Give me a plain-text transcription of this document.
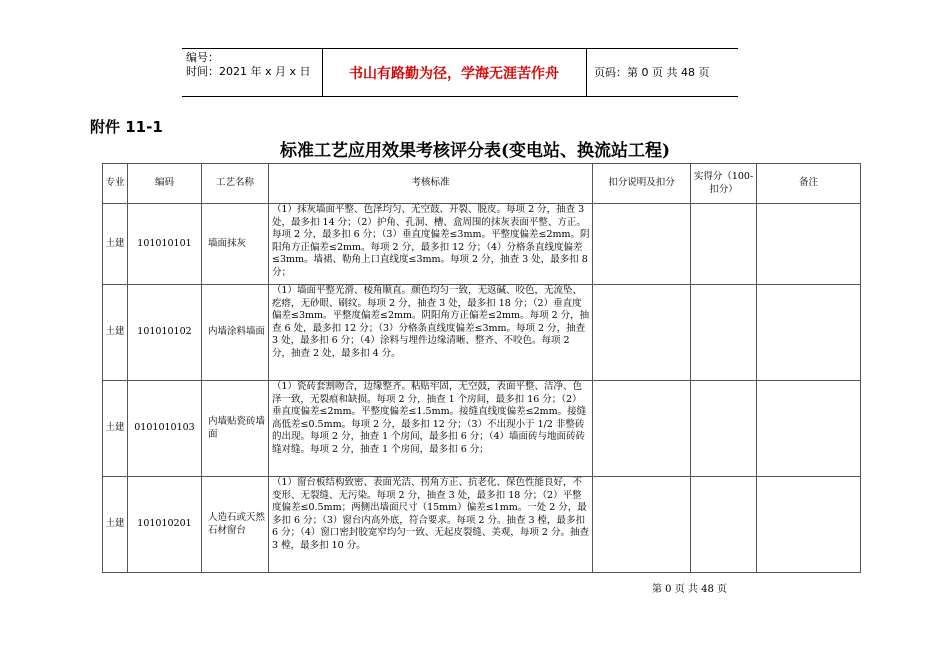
编号：
时间：2021 年 x 月 x 日	书山有路勤为径，学海无涯苦作舟	页码：第 0 页 共 48 页
附件 11-1
标准工艺应用效果考核评分表(变电站、换流站工程)
专业	编码	工艺名称	考核标准	扣分说明及扣分	实得分（100-扣分）	备注
土建	101010101	墙面抹灰	（1）抹灰墙面平整、色泽均匀、无空鼓、开裂、脱皮。每项 2 分，抽查 3 处，最多扣 14 分；（2）护角、孔洞、槽、盒周围的抹灰表面平整、方正。每项 2 分，最多扣 6 分；（3）垂直度偏差≤3mm。平整度偏差≤2mm。阴阳角方正偏差≤2mm。每项 2 分，最多扣 12 分；（4）分格条直线度偏差≤3mm。墙裙、勒角上口直线度≤3mm。每项 2 分，抽查 3 处，最多扣 8 分；			
土建	101010102	内墙涂料墙面	（1）墙面平整光滑、棱角顺直。颜色均匀一致，无返碱、咬色，无流坠、疙瘩，无砂眼、刷纹。每项 2 分，抽查 3 处，最多扣 18 分；（2）垂直度偏差≤3mm。平整度偏差≤2mm。阴阳角方正偏差≤2mm。每项 2 分，抽查 6 处，最多扣 12 分；（3）分格条直线度偏差≤3mm。每项 2 分，抽查 3 处，最多扣 6 分；（4）涂料与埋件边缘清晰、整齐、不咬色。每项 2 分，抽查 2 处，最多扣 4 分。			
土建	0101010103	内墙贴瓷砖墙面	（1）瓷砖套割吻合，边缘整齐。粘贴牢固，无空鼓，表面平整、洁净、色泽一致，无裂痕和缺损。每项 2 分，抽查 1 个房间，最多扣 16 分；（2）垂直度偏差≤2mm。平整度偏差≤1.5mm。接缝直线度偏差≤2mm。接缝高低差≤0.5mm。每项 2 分，最多扣 12 分；（3）不出现小于 1/2 非整砖的出现。每项 2 分，抽查 1 个房间，最多扣 6 分；（4）墙面砖与地面砖砖缝对缝。每项 2 分，抽查 1 个房间，最多扣 6 分；			
土建	101010201	人造石或天然石材窗台	（1）窗台板结构致密、表面光洁、拐角方正、抗老化、保色性能良好，不变形、无裂缝、无污染。每项 2 分，抽查 3 处，最多扣 18 分；（2）平整度偏差≤0.5mm；两侧出墙面尺寸（15mm）偏差≤1mm。一处 2 分，最多扣 6 分；（3）窗台内高外底，符合要求。每项 2 分。抽查 3 樘，最多扣 6 分；（4）窗口密封胶宽窄均匀一致、无起皮裂缝、美观，每项 2 分。抽查 3 樘，最多扣 10 分。			
第 0 页 共 48 页
